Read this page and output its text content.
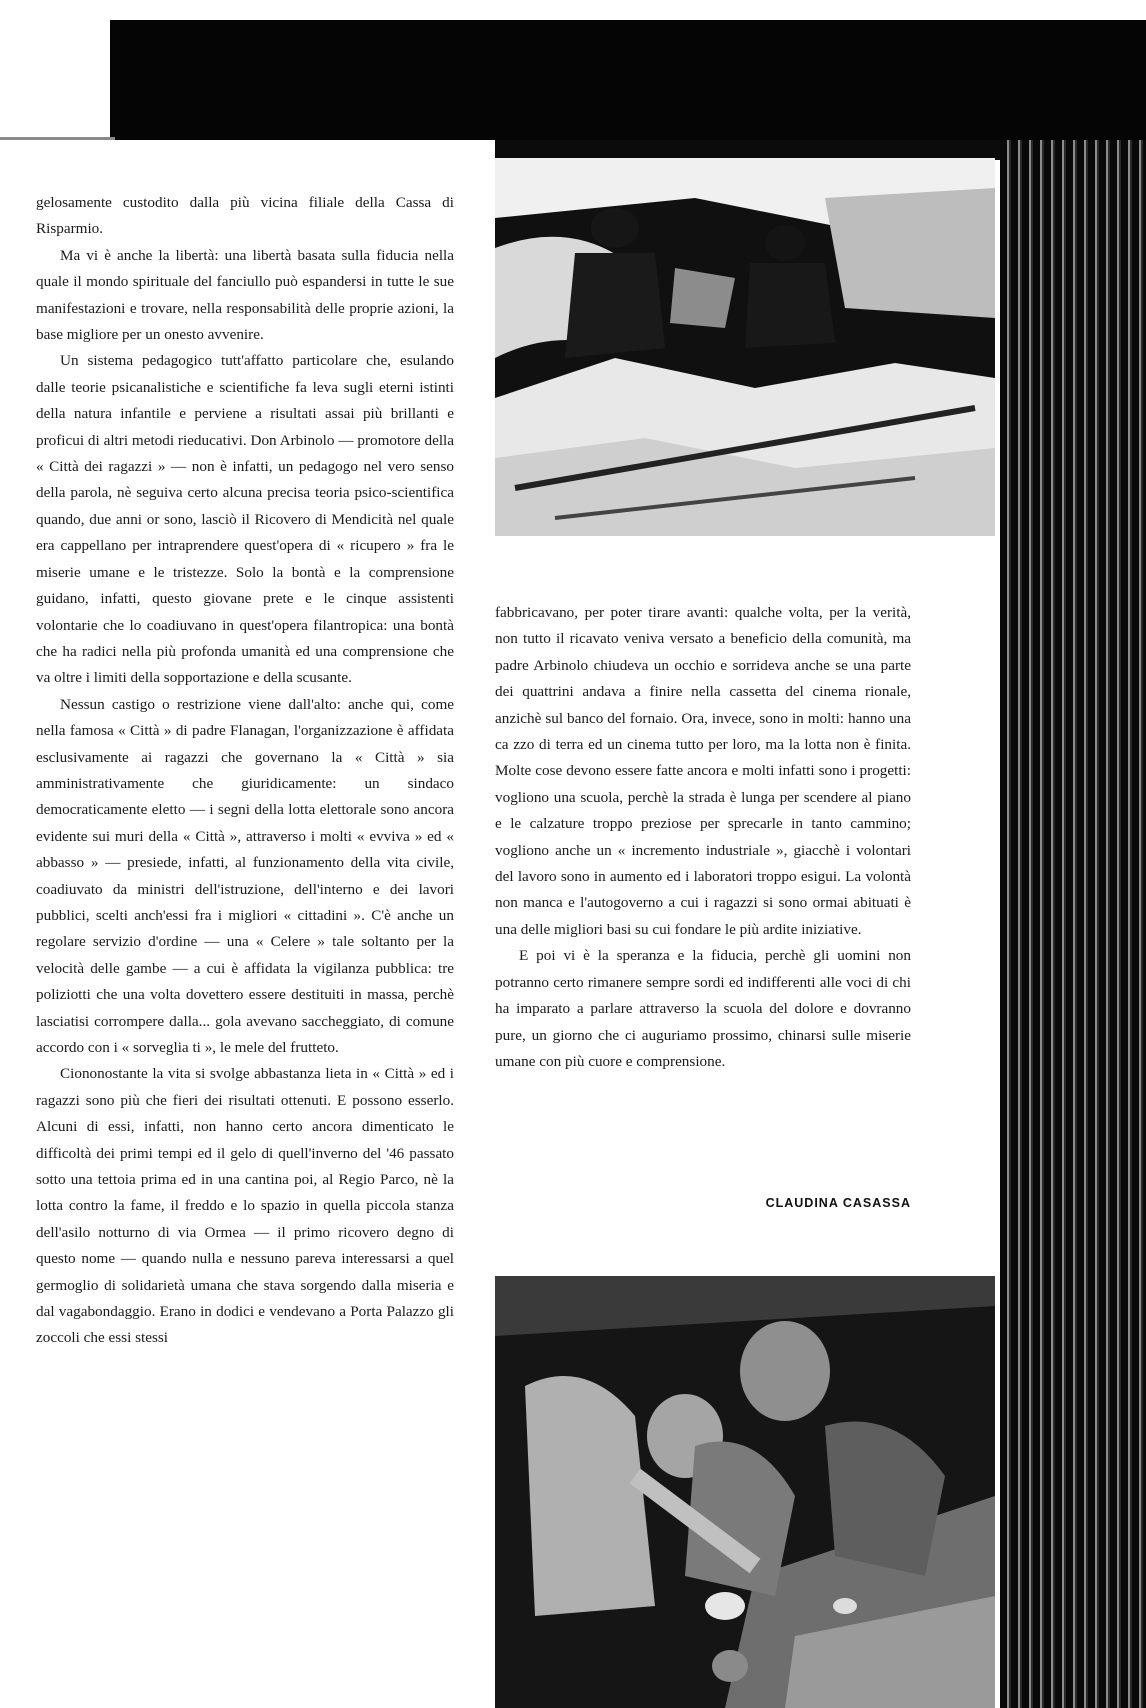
gelosamente custodito dalla più vicina filiale della Cassa di Risparmio.

Ma vi è anche la libertà: una libertà basata sulla fiducia nella quale il mondo spirituale del fanciullo può espandersi in tutte le sue manifestazioni e trovare, nella responsabilità delle proprie azioni, la base migliore per un onesto avvenire.

Un sistema pedagogico tutt'affatto particolare che, esulando dalle teorie psicanalistiche e scientifiche fa leva sugli eterni istinti della natura infantile e perviene a risultati assai più brillanti e proficui di altri metodi rieducativi. Don Arbinolo — promotore della « Città dei ragazzi » — non è infatti, un pedagogo nel vero senso della parola, nè seguiva certo alcuna precisa teoria psico-scientifica quando, due anni or sono, lasciò il Ricovero di Mendicità nel quale era cappellano per intraprendere quest'opera di « ricupero » fra le miserie umane e le tristezze. Solo la bontà e la comprensione guidano, infatti, questo giovane prete e le cinque assistenti volontarie che lo coadiuvano in quest'opera filantropica: una bontà che ha radici nella più profonda umanità ed una comprensione che va oltre i limiti della sopportazione e della scusante.

Nessun castigo o restrizione viene dall'alto: anche qui, come nella famosa « Città » di padre Flanagan, l'organizzazione è affidata esclusivamente ai ragazzi che governano la « Città » sia amministrativamente che giuridicamente: un sindaco democraticamente eletto — i segni della lotta elettorale sono ancora evidente sui muri della « Città », attraverso i molti « evviva » ed « abbasso » — presiede, infatti, al funzionamento della vita civile, coadiuvato da ministri dell'istruzione, dell'interno e dei lavori pubblici, scelti anch'essi fra i migliori « cittadini ». C'è anche un regolare servizio d'ordine — una « Celere » tale soltanto per la velocità delle gambe — a cui è affidata la vigilanza pubblica: tre poliziotti che una volta dovettero essere destituiti in massa, perchè lasciatisi corrompere dalla... gola avevano saccheggiato, di comune accordo con i « sorveglia ti », le mele del frutteto.

Ciononostante la vita si svolge abbastanza lieta in « Città » ed i ragazzi sono più che fieri dei risultati ottenuti. E possono esserlo. Alcuni di essi, infatti, non hanno certo ancora dimenticato le difficoltà dei primi tempi ed il gelo di quell'inverno del '46 passato sotto una tettoia prima ed in una cantina poi, al Regio Parco, nè la lotta contro la fame, il freddo e lo spazio in quella piccola stanza dell'asilo notturno di via Ormea — il primo ricovero degno di questo nome — quando nulla e nessuno pareva interessarsi a quel germoglio di solidarietà umana che stava sorgendo dalla miseria e dal vagabondaggio. Erano in dodici e vendevano a Porta Palazzo gli zoccoli che essi stessi

fabbricavano, per poter tirare avanti: qualche volta, per la verità, non tutto il ricavato veniva versato a beneficio della comunità, ma padre Arbinolo chiudeva un occhio e sorrideva anche se una parte dei quattrini andava a finire nella cassetta del cinema rionale, anzichè sul banco del fornaio. Ora, invece, sono in molti: hanno una ca zzo di terra ed un cinema tutto per loro, ma la lotta non è finita. Molte cose devono essere fatte ancora e molti infatti sono i progetti: vogliono una scuola, perchè la strada è lunga per scendere al piano e le calzature troppo preziose per sprecarle in tanto cammino; vogliono anche un « incremento industriale », giacchè i volontari del lavoro sono in aumento ed i laboratori troppo esigui. La volontà non manca e l'autogoverno a cui i ragazzi si sono ormai abituati è una delle migliori basi su cui fondare le più ardite iniziative.

E poi vi è la speranza e la fiducia, perchè gli uomini non potranno certo rimanere sempre sordi ed indifferenti alle voci di chi ha imparato a parlare attraverso la scuola del dolore e dovranno pure, un giorno che ci auguriamo prossimo, chinarsi sulle miserie umane con più cuore e comprensione.

CLAUDINA CASASSA
